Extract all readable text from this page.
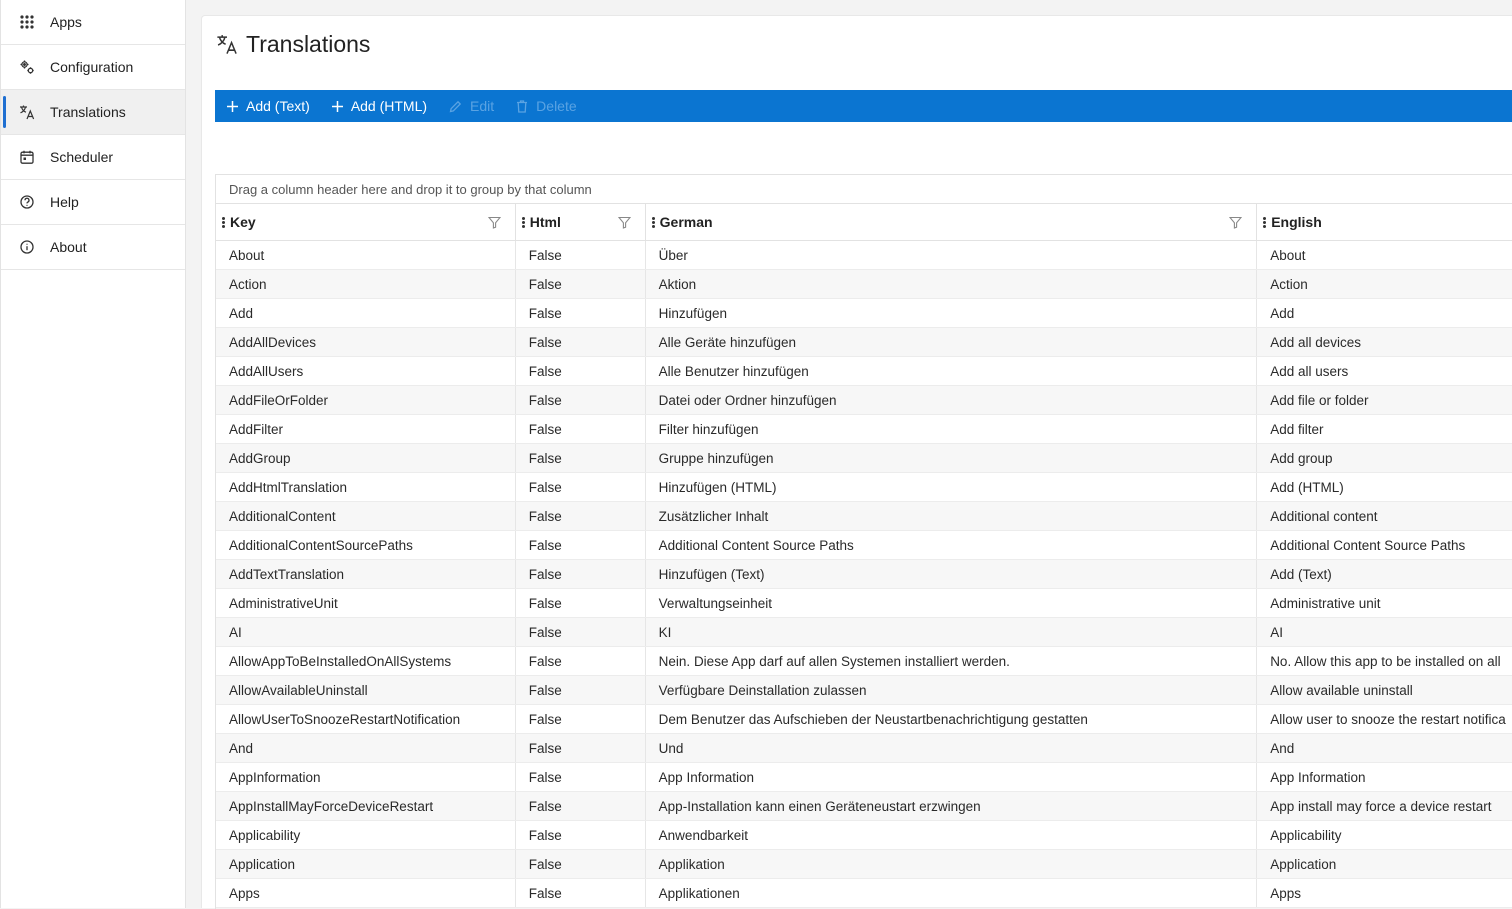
Apps
Configuration
Translations
Scheduler
Help
About
Translations
Add (Text)	Add (HTML)	Edit	Delete
Drag a column header here and drop it to group by that column
Key	Html	German	English
About	False	Über	About
Action	False	Aktion	Action
Add	False	Hinzufügen	Add
AddAllDevices	False	Alle Geräte hinzufügen	Add all devices
AddAllUsers	False	Alle Benutzer hinzufügen	Add all users
AddFileOrFolder	False	Datei oder Ordner hinzufügen	Add file or folder
AddFilter	False	Filter hinzufügen	Add filter
AddGroup	False	Gruppe hinzufügen	Add group
AddHtmlTranslation	False	Hinzufügen (HTML)	Add (HTML)
AdditionalContent	False	Zusätzlicher Inhalt	Additional content
AdditionalContentSourcePaths	False	Additional Content Source Paths	Additional Content Source Paths
AddTextTranslation	False	Hinzufügen (Text)	Add (Text)
AdministrativeUnit	False	Verwaltungseinheit	Administrative unit
AI	False	KI	AI
AllowAppToBeInstalledOnAllSystems	False	Nein. Diese App darf auf allen Systemen installiert werden.	No. Allow this app to be installed on all
AllowAvailableUninstall	False	Verfügbare Deinstallation zulassen	Allow available uninstall
AllowUserToSnoozeRestartNotification	False	Dem Benutzer das Aufschieben der Neustartbenachrichtigung gestatten	Allow user to snooze the restart notifica
And	False	Und	And
AppInformation	False	App Information	App Information
AppInstallMayForceDeviceRestart	False	App-Installation kann einen Geräteneustart erzwingen	App install may force a device restart
Applicability	False	Anwendbarkeit	Applicability
Application	False	Applikation	Application
Apps	False	Applikationen	Apps
